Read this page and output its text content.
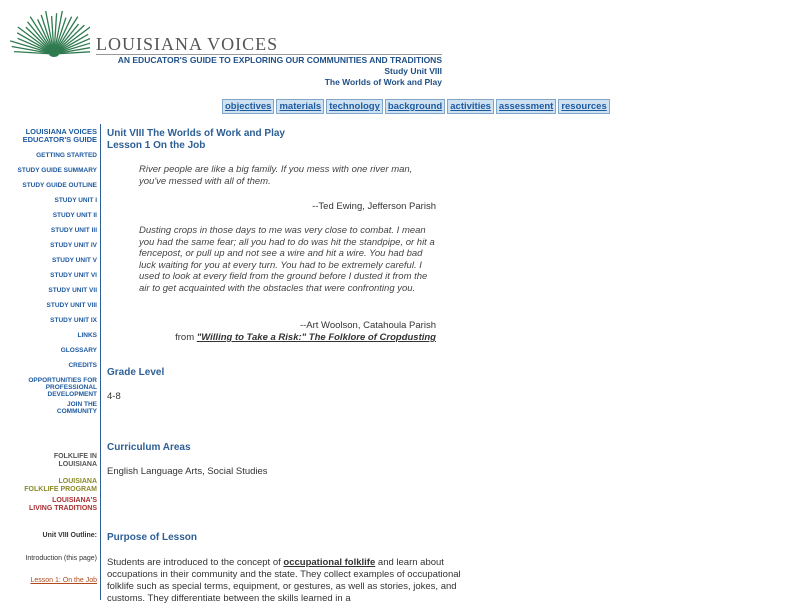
LOUISIANA VOICES
AN EDUCATOR'S GUIDE TO EXPLORING OUR COMMUNITIES AND TRADITIONS
Study Unit VIII
The Worlds of Work and Play
objectives materials technology background activities assessment resources
LOUISIANA VOICES
EDUCATOR'S GUIDE
GETTING STARTED
STUDY GUIDE SUMMARY
STUDY GUIDE OUTLINE
STUDY UNIT I
STUDY UNIT II
STUDY UNIT III
STUDY UNIT IV
STUDY UNIT V
STUDY UNIT VI
STUDY UNIT VII
STUDY UNIT VIII
STUDY UNIT IX
LINKS
GLOSSARY
CREDITS
OPPORTUNITIES FOR
PROFESSIONAL
DEVELOPMENT
JOIN THE
COMMUNITY
FOLKLIFE IN
LOUISIANA
LOUISIANA
FOLKLIFE PROGRAM
LOUISIANA'S
LIVING TRADITIONS
Unit VIII Outline:
Introduction (this page)
Lesson 1: On the Job
Unit VIII The Worlds of Work and Play
Lesson 1 On the Job
River people are like a big family. If you mess with one river man, you've messed with all of them.
--Ted Ewing, Jefferson Parish
Dusting crops in those days to me was very close to combat. I mean you had the same fear; all you had to do was hit the standpipe, or hit a fencepost, or pull up and not see a wire and hit a wire. You had bad luck waiting for you at every turn. You had to be extremely careful. I used to look at every field from the ground before I dusted it from the air to get acquainted with the obstacles that were confronting you.
--Art Woolson, Catahoula Parish
from "Willing to Take a Risk:" The Folklore of Cropdusting
Grade Level
4-8
Curriculum Areas
English Language Arts, Social Studies
Purpose of Lesson
Students are introduced to the concept of occupational folklife and learn about occupations in their community and the state. They collect examples of occupational folklife such as special terms, equipment, or gestures, as well as stories, jokes, and customs. They differentiate between the skills learned in a
